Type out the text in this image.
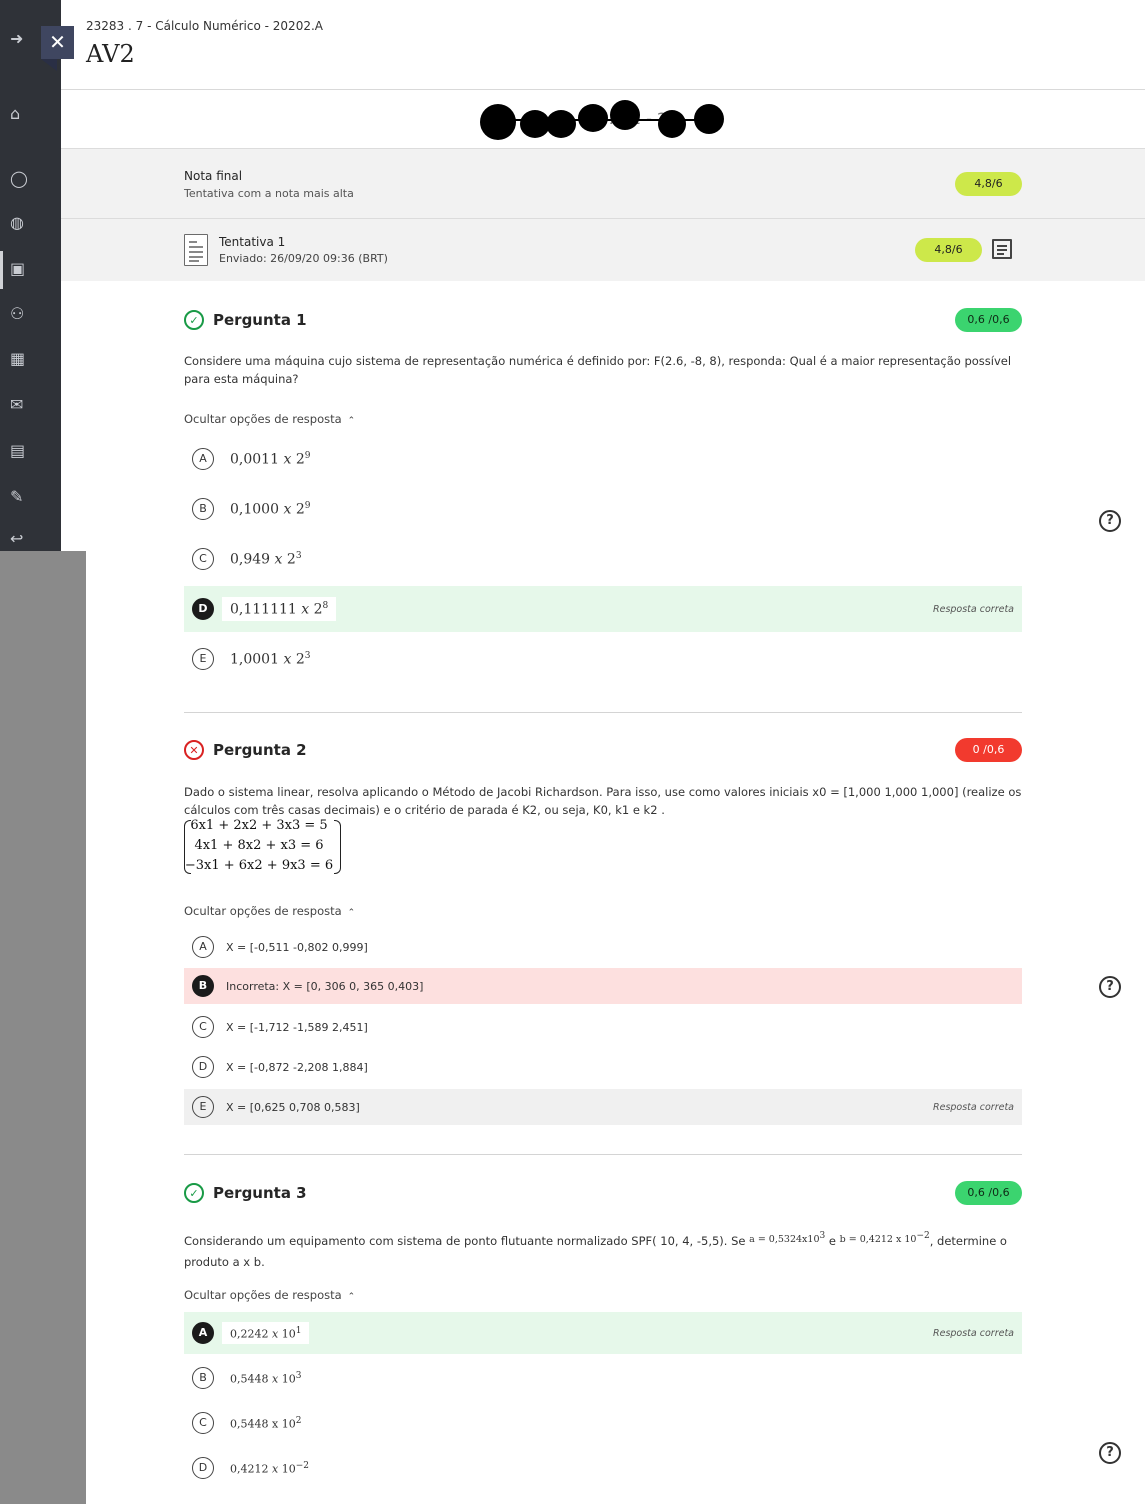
➜
⌂
◯
◍
▣
⚇
▦
✉
▤
✎
↩
✕
23283 . 7 - Cálculo Numérico - 20202.A
AV2
Nota final
Tentativa com a nota mais alta
4,8/6
Tentativa 1
Enviado: 26/09/20 09:36 (BRT)
4,8/6
✓ Pergunta 1	0,6 /0,6
Considere uma máquina cujo sistema de representação numérica é definido por: F(2.6, -8, 8), responda: Qual é a maior representação possível para esta máquina?
Ocultar opções de resposta ⌃
A	0,0011 x $2^9$
B	0,1000 x $2^9$
C	0,949 x $2^3$
D	0,111111 x $2^8$	Resposta correta
E	1,0001 x $2^3$
?
✕ Pergunta 2	0 /0,6
Dado o sistema linear, resolva aplicando o Método de Jacobi Richardson. Para isso, use como valores iniciais x0 = [1,000 1,000 1,000] (realize os cálculos com três casas decimais) e o critério de parada é K2, ou seja, K0, k1 e k2 .
6x1 + 2x2 + 3x3 = 5
4x1 + 8x2 + x3 = 6
−3x1 + 6x2 + 9x3 = 6
Ocultar opções de resposta ⌃
A	X = [-0,511 -0,802 0,999]
B	Incorreta: X = [0, 306 0, 365 0,403]
C	X = [-1,712 -1,589 2,451]
D	X = [-0,872 -2,208 1,884]
E	X = [0,625 0,708 0,583]	Resposta correta
?
✓ Pergunta 3	0,6 /0,6
Considerando um equipamento com sistema de ponto flutuante normalizado SPF( 10, 4, -5,5). Se $^{a = 0,5324x10^3}$ e $^{b = 0,4212 x 10^{-2}}$, determine o produto a x b.
Ocultar opções de resposta ⌃
A	0,2242 x $10^1$	Resposta correta
B	0,5448 x $10^3$
C	0,5448 x $10^2$
D	0,4212 x $10^{-2}$
?
